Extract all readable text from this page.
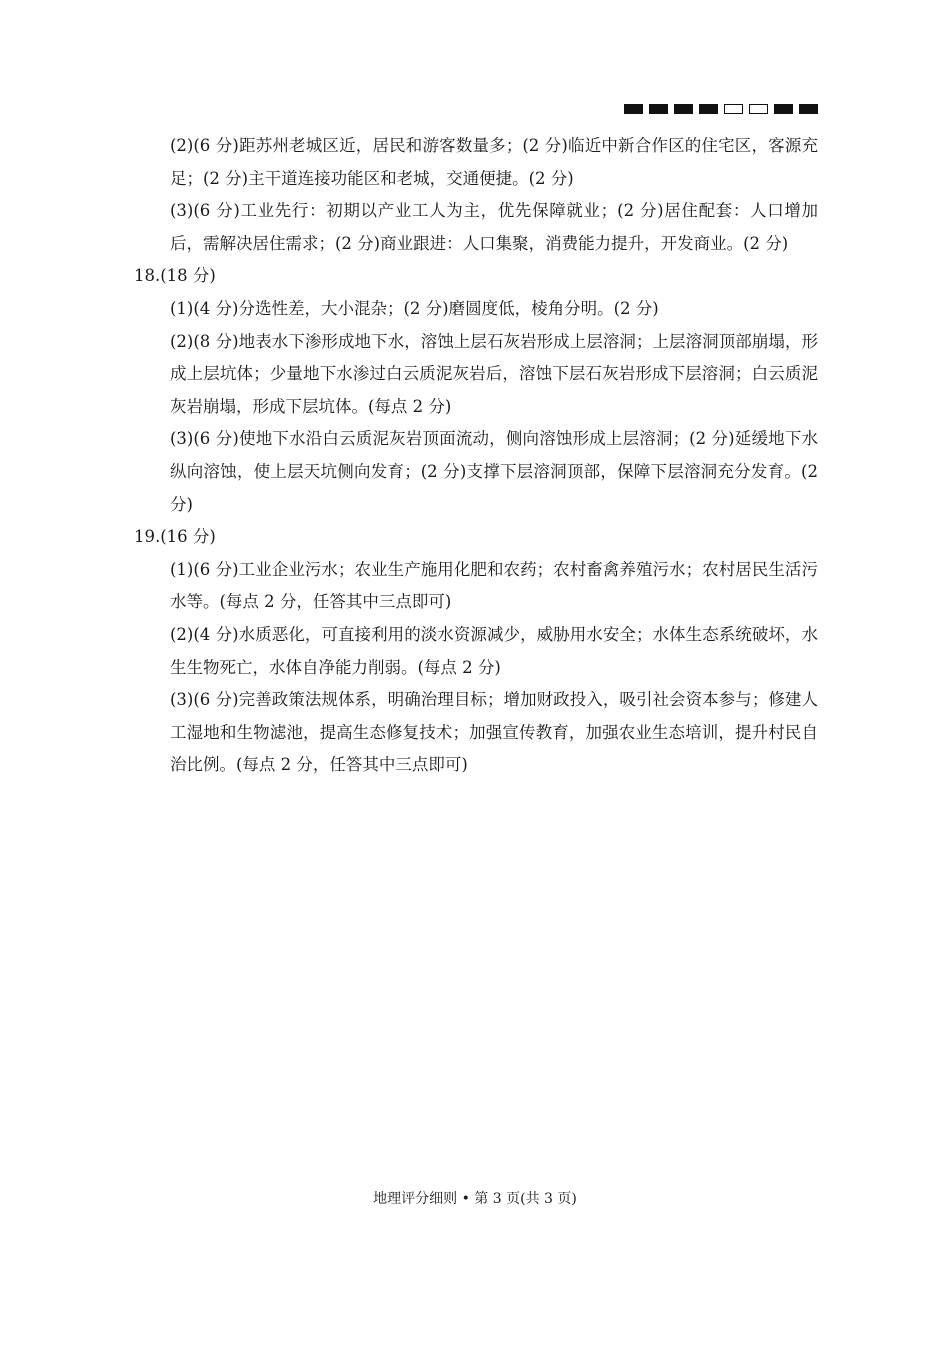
(2)(6 分)距苏州老城区近，居民和游客数量多；(2 分)临近中新合作区的住宅区，客源充足；(2 分)主干道连接功能区和老城，交通便捷。(2 分)

(3)(6 分)工业先行：初期以产业工人为主，优先保障就业；(2 分)居住配套：人口增加后，需解决居住需求；(2 分)商业跟进：人口集聚，消费能力提升，开发商业。(2 分)

18.(18 分)

(1)(4 分)分选性差，大小混杂；(2 分)磨圆度低，棱角分明。(2 分)

(2)(8 分)地表水下渗形成地下水，溶蚀上层石灰岩形成上层溶洞；上层溶洞顶部崩塌，形成上层坑体；少量地下水渗过白云质泥灰岩后，溶蚀下层石灰岩形成下层溶洞；白云质泥灰岩崩塌，形成下层坑体。(每点 2 分)

(3)(6 分)使地下水沿白云质泥灰岩顶面流动，侧向溶蚀形成上层溶洞；(2 分)延缓地下水纵向溶蚀，使上层天坑侧向发育；(2 分)支撑下层溶洞顶部，保障下层溶洞充分发育。(2 分)

19.(16 分)

(1)(6 分)工业企业污水；农业生产施用化肥和农药；农村畜禽养殖污水；农村居民生活污水等。(每点 2 分，任答其中三点即可)

(2)(4 分)水质恶化，可直接利用的淡水资源减少，威胁用水安全；水体生态系统破坏，水生生物死亡，水体自净能力削弱。(每点 2 分)

(3)(6 分)完善政策法规体系，明确治理目标；增加财政投入，吸引社会资本参与；修建人工湿地和生物滤池，提高生态修复技术；加强宣传教育，加强农业生态培训，提升村民自治比例。(每点 2 分，任答其中三点即可)

地理评分细则 • 第 3 页(共 3 页)
